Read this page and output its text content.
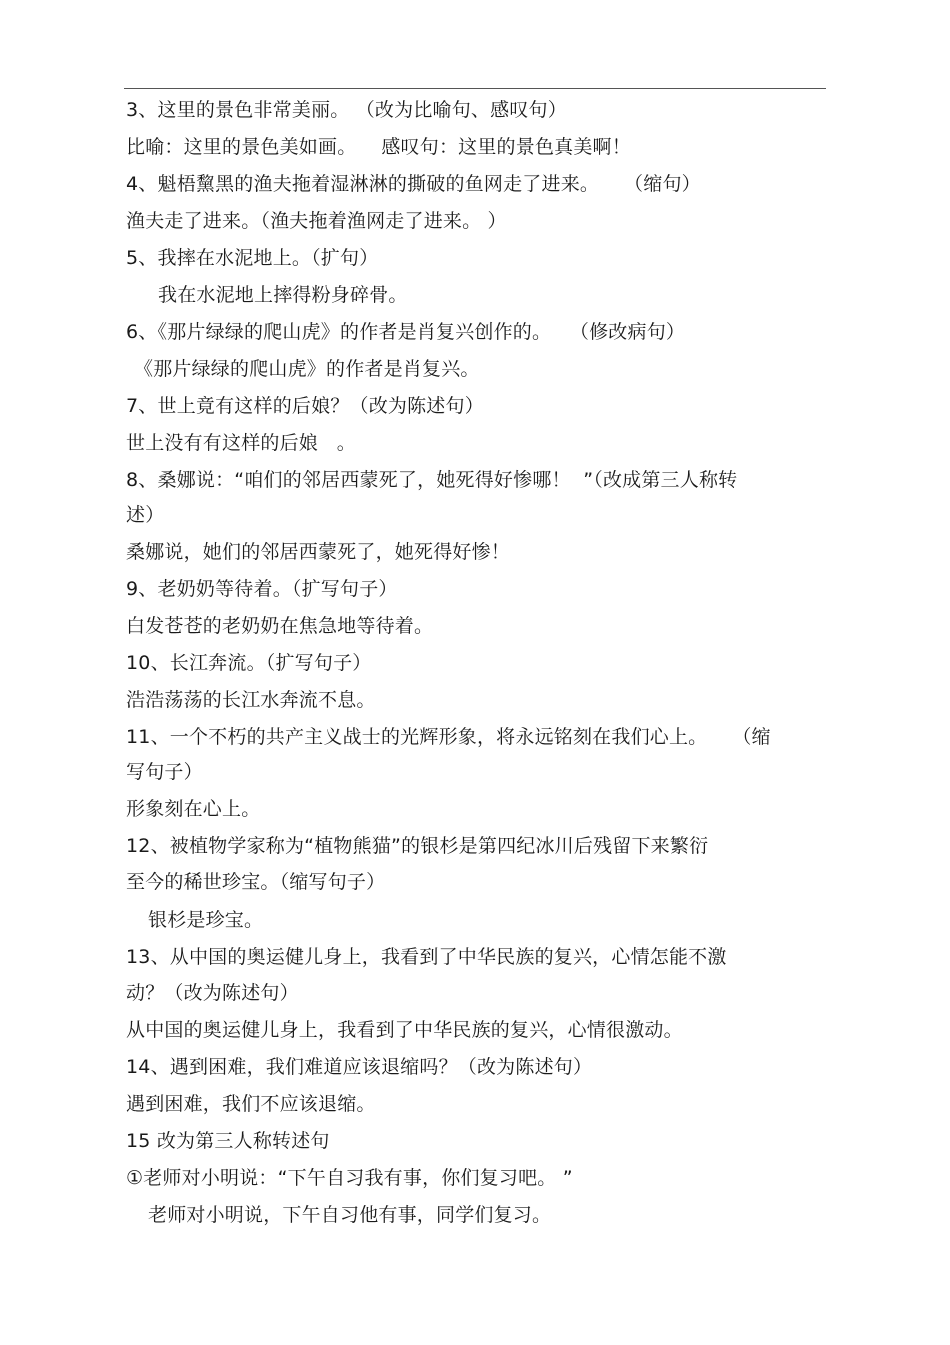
3、这里的景色非常美丽。 （改为比喻句、感叹句）
比喻：这里的景色美如画。    感叹句：这里的景色真美啊！
4、魁梧黧黑的渔夫拖着湿淋淋的撕破的鱼网走了进来。    （缩句）
渔夫走了进来。（渔夫拖着渔网走了进来。 ）
5、我摔在水泥地上。（扩句）
我在水泥地上摔得粉身碎骨。
6、《那片绿绿的爬山虎》的作者是肖复兴创作的。   （修改病句）
《那片绿绿的爬山虎》的作者是肖复兴。
7、世上竟有这样的后娘？（改为陈述句）
世上没有有这样的后娘   。
8、桑娜说：“咱们的邻居西蒙死了，她死得好惨哪！  ”（改成第三人称转
述）
桑娜说，她们的邻居西蒙死了，她死得好惨！
9、老奶奶等待着。（扩写句子）
白发苍苍的老奶奶在焦急地等待着。
10、长江奔流。（扩写句子）
浩浩荡荡的长江水奔流不息。
11、一个不朽的共产主义战士的光辉形象，将永远铭刻在我们心上。    （缩
写句子）
形象刻在心上。
12、被植物学家称为“植物熊猫”的银杉是第四纪冰川后残留下来繁衍
至今的稀世珍宝。（缩写句子）
银杉是珍宝。
13、从中国的奥运健儿身上，我看到了中华民族的复兴，心情怎能不激
动？（改为陈述句）
从中国的奥运健儿身上，我看到了中华民族的复兴，心情很激动。
14、遇到困难，我们难道应该退缩吗？（改为陈述句）
遇到困难，我们不应该退缩。
15 改为第三人称转述句
①老师对小明说：“下午自习我有事，你们复习吧。 ”
老师对小明说，下午自习他有事，同学们复习。
